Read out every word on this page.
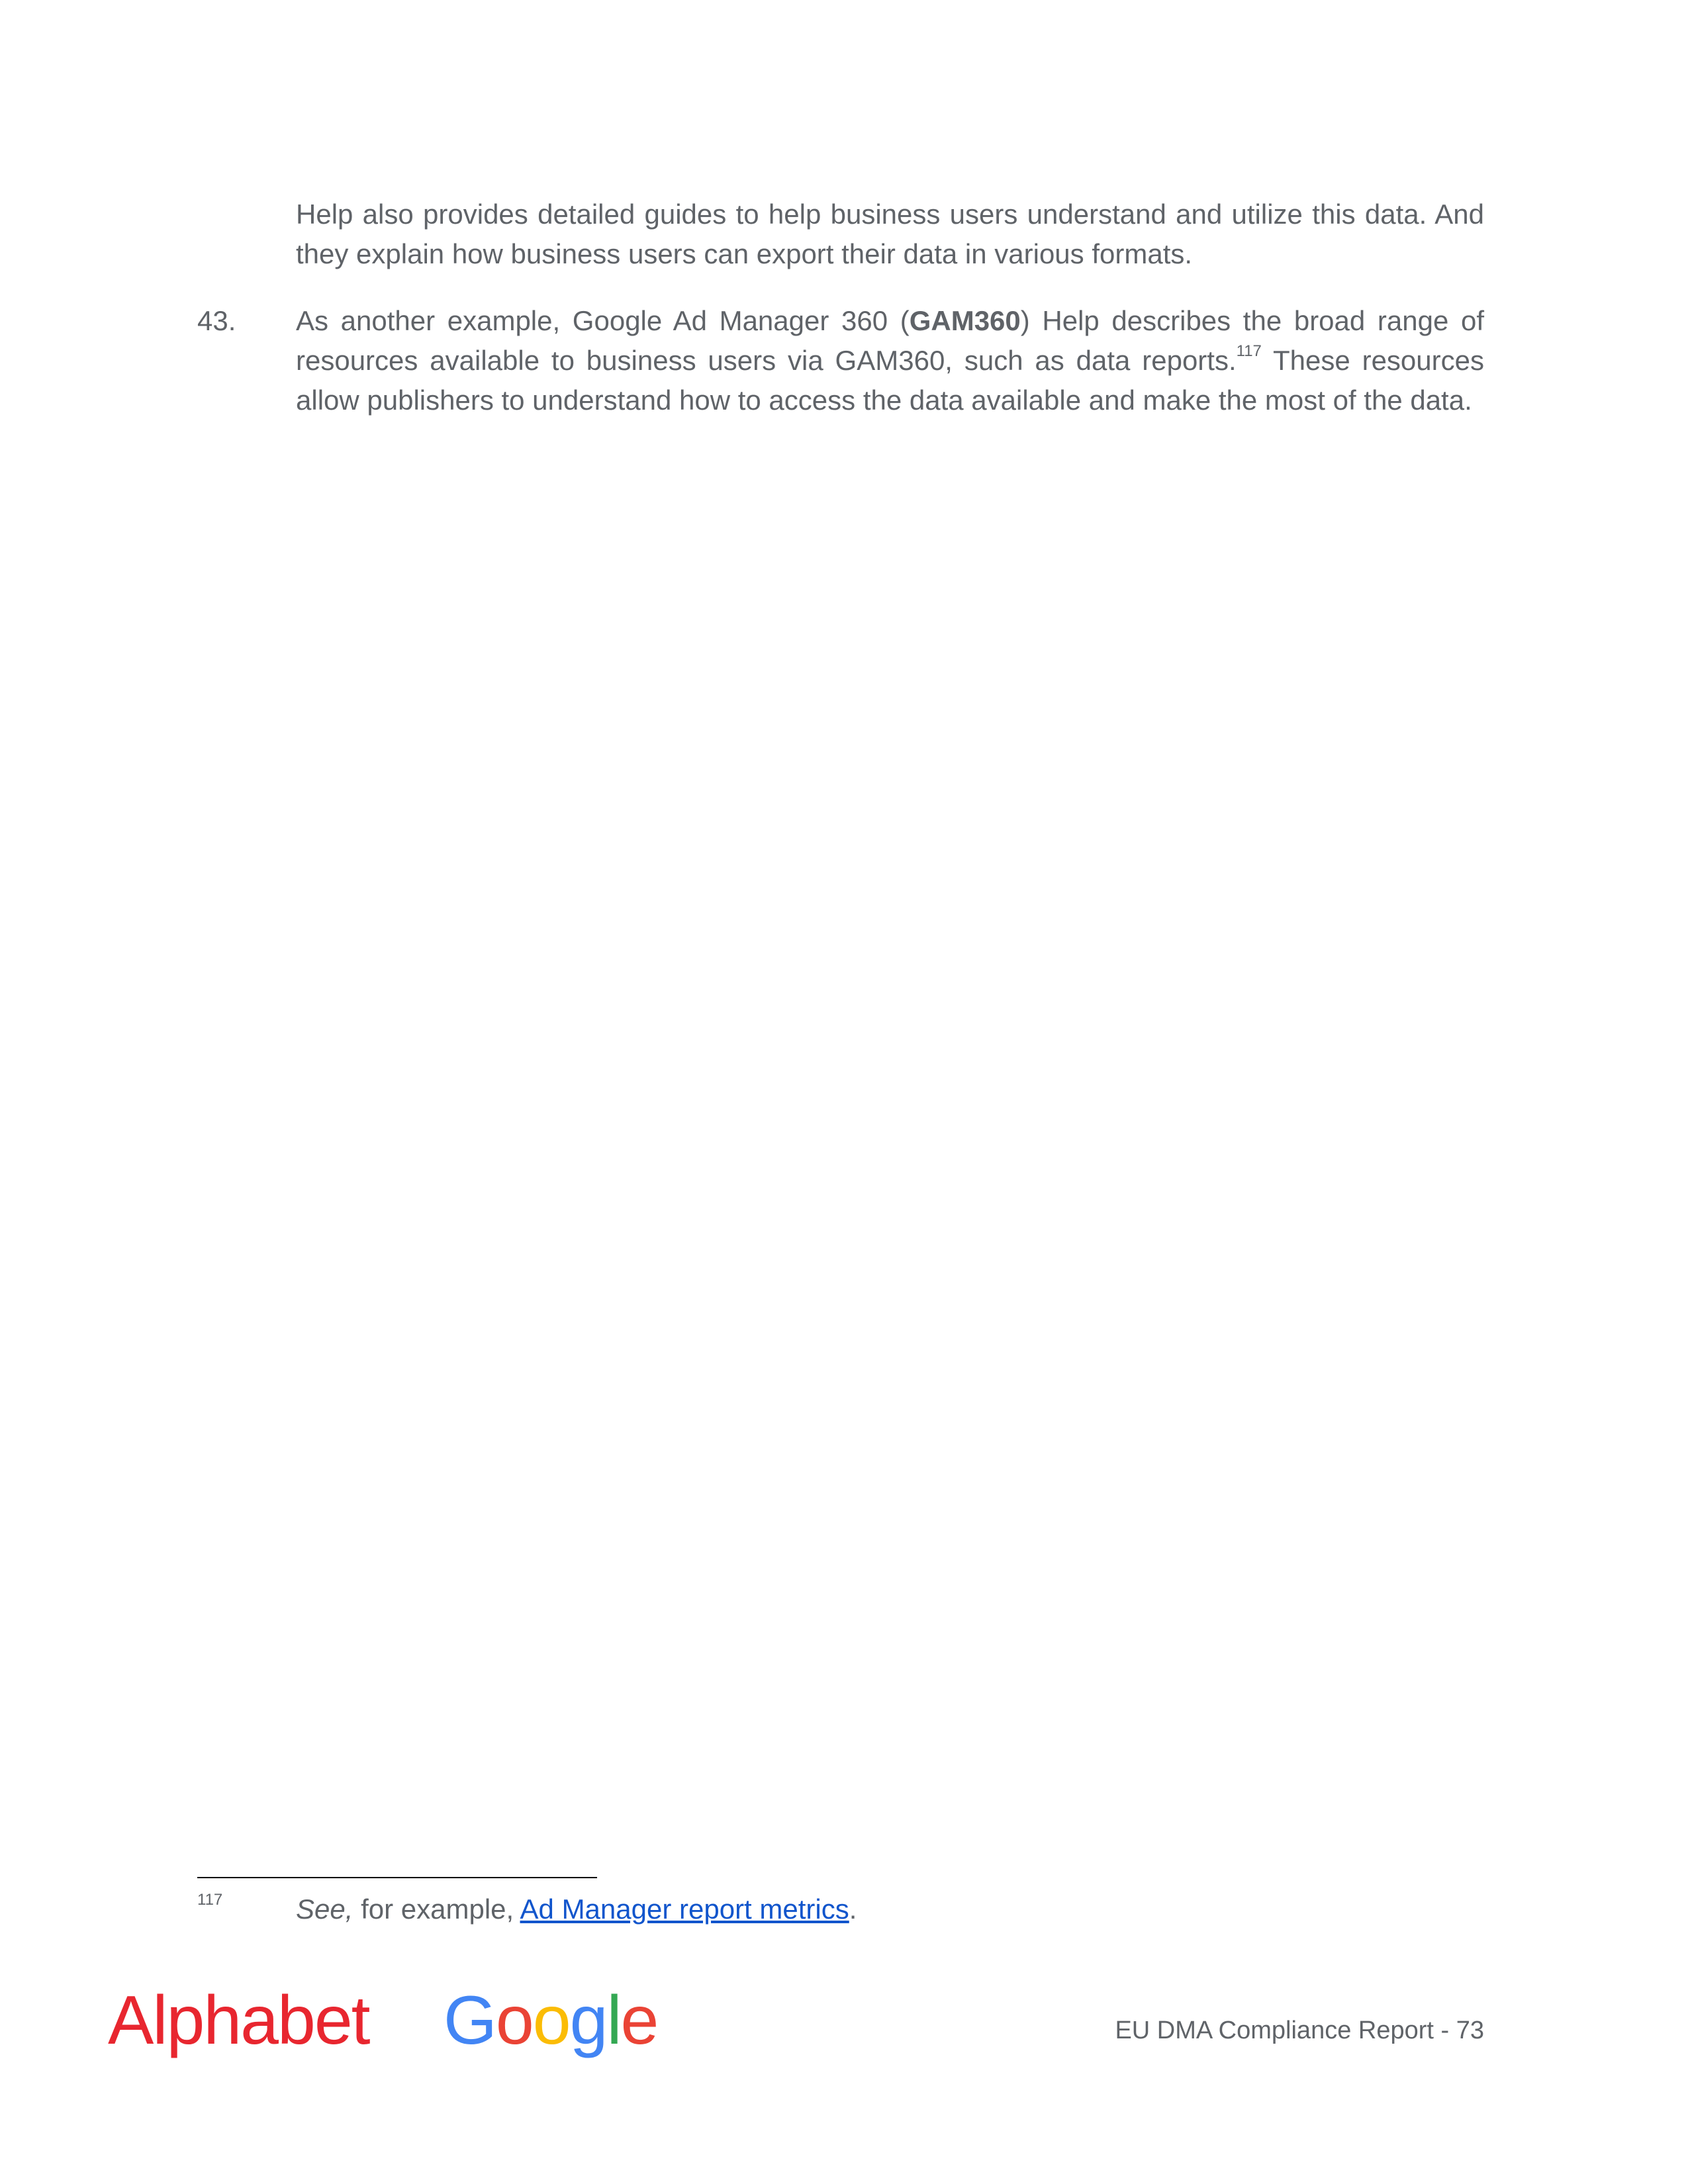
Help also provides detailed guides to help business users understand and utilize this data. And they explain how business users can export their data in various formats.

43. As another example, Google Ad Manager 360 (GAM360) Help describes the broad range of resources available to business users via GAM360, such as data reports.$^{117}$ These resources allow publishers to understand how to access the data available and make the most of the data.

117	See, for example, Ad Manager report metrics.
Alphabet Google	EU DMA Compliance Report - 73
